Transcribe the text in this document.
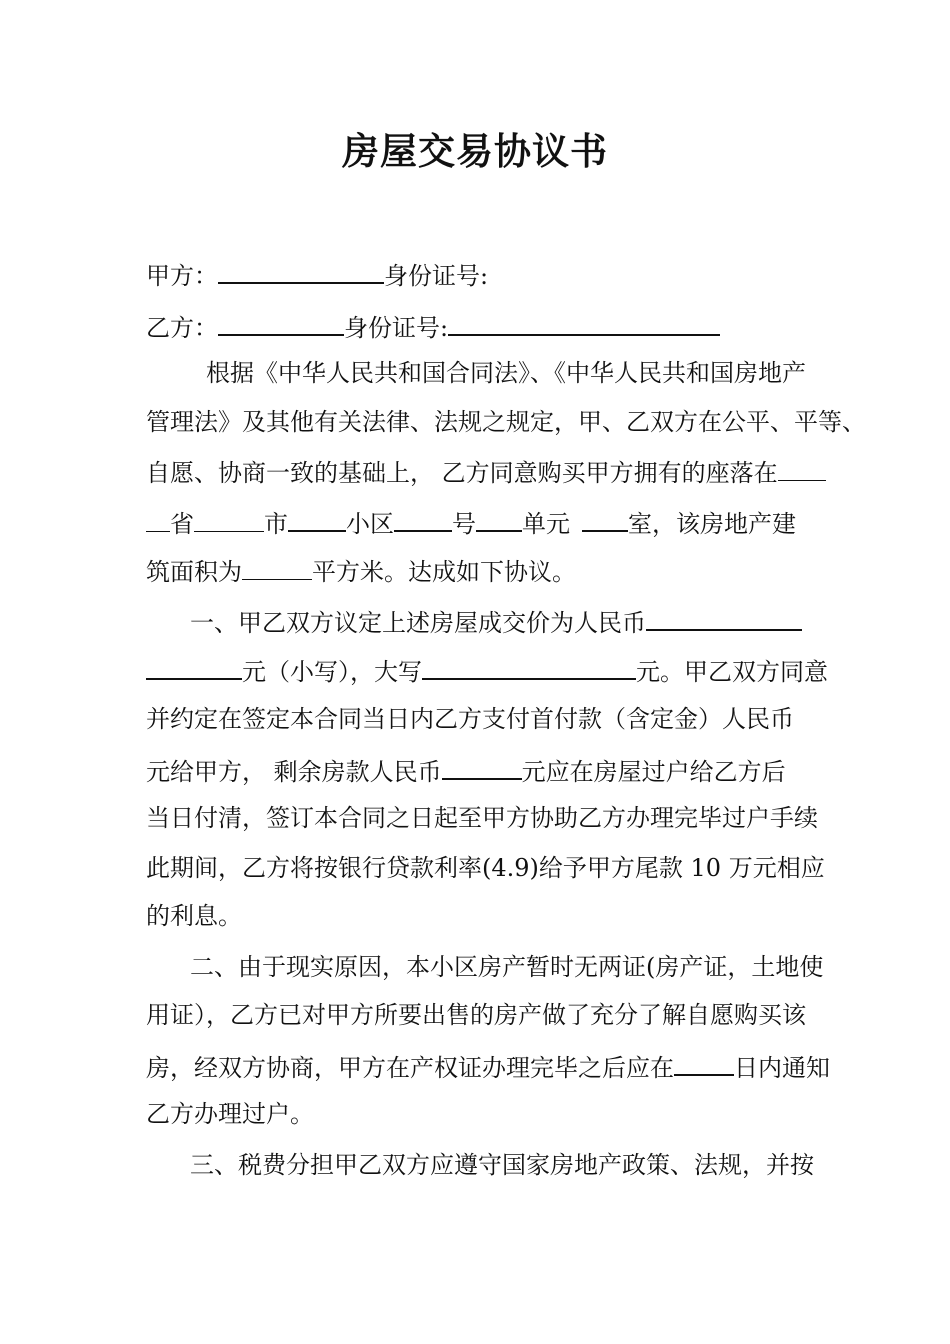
房屋交易协议书
甲方：	身份证号:
乙方：	身份证号:
根据《中华人民共和国合同法》、《中华人民共和国房地产
管理法》及其他有关法律、法规之规定，甲、乙双方在公平、平等、
自愿、协商一致的基础上， 乙方同意购买甲方拥有的座落在
省	市 小区 号 单元 室，该房地产建
筑面积为	平方米。达成如下协议。
一、甲乙双方议定上述房屋成交价为人民币
元（小写），大写	元。甲乙双方同意
并约定在签定本合同当日内乙方支付首付款（含定金）人民币
元给甲方， 剩余房款人民币	元应在房屋过户给乙方后
当日付清，签订本合同之日起至甲方协助乙方办理完毕过户手续
此期间，乙方将按银行贷款利率(4.9)给予甲方尾款 10 万元相应
的利息。
二、由于现实原因，本小区房产暂时无两证(房产证，土地使
用证），乙方已对甲方所要出售的房产做了充分了解自愿购买该
房，经双方协商，甲方在产权证办理完毕之后应在	日内通知
乙方办理过户。
三、税费分担甲乙双方应遵守国家房地产政策、法规，并按
